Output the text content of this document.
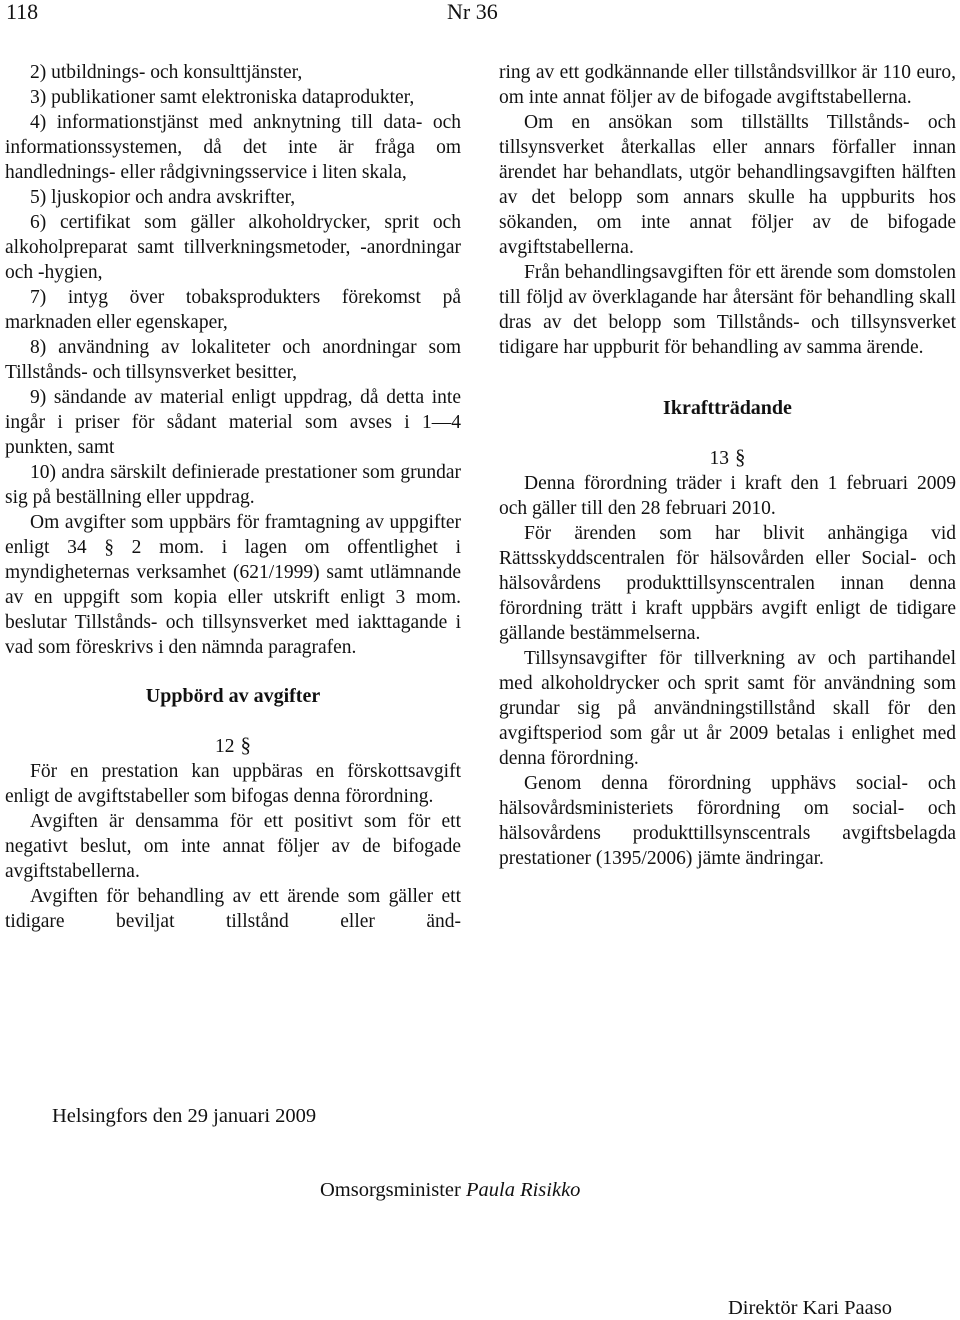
118	Nr 36

2) utbildnings- och konsulttjänster,

3) publikationer samt elektroniska dataprodukter,

4) informationstjänst med anknytning till data- och informationssystemen, då det inte är fråga om handlednings- eller rådgivningsservice i liten skala,

5) ljuskopior och andra avskrifter,

6) certifikat som gäller alkoholdrycker, sprit och alkoholpreparat samt tillverkningsmetoder, -anordningar och -hygien,

7) intyg över tobaksprodukters förekomst på marknaden eller egenskaper,

8) användning av lokaliteter och anordningar som Tillstånds- och tillsynsverket besitter,

9) sändande av material enligt uppdrag, då detta inte ingår i priser för sådant material som avses i 1—4 punkten, samt

10) andra särskilt definierade prestationer som grundar sig på beställning eller uppdrag.

Om avgifter som uppbärs för framtagning av uppgifter enligt 34 § 2 mom. i lagen om offentlighet i myndigheternas verksamhet (621/1999) samt utlämnande av en uppgift som kopia eller utskrift enligt 3 mom. beslutar Tillstånds- och tillsynsverket med iakttagande i vad som föreskrivs i den nämnda paragrafen.

Uppbörd av avgifter

12 §

För en prestation kan uppbäras en förskottsavgift enligt de avgiftstabeller som bifogas denna förordning.

Avgiften är densamma för ett positivt som för ett negativt beslut, om inte annat följer av de bifogade avgiftstabellerna.

Avgiften för behandling av ett ärende som gäller ett tidigare beviljat tillstånd eller änd-

ring av ett godkännande eller tillståndsvillkor är 110 euro, om inte annat följer av de bifogade avgiftstabellerna.

Om en ansökan som tillställts Tillstånds- och tillsynsverket återkallas eller annars förfaller innan ärendet har behandlats, utgör behandlingsavgiften hälften av det belopp som annars skulle ha uppburits hos sökanden, om inte annat följer av de bifogade avgiftstabellerna.

Från behandlingsavgiften för ett ärende som domstolen till följd av överklagande har återsänt för behandling skall dras av det belopp som Tillstånds- och tillsynsverket tidigare har uppburit för behandling av samma ärende.

Ikraftträdande

13 §

Denna förordning träder i kraft den 1 februari 2009 och gäller till den 28 februari 2010.

För ärenden som har blivit anhängiga vid Rättsskyddscentralen för hälsovården eller Social- och hälsovårdens produkttillsynscentralen innan denna förordning trätt i kraft uppbärs avgift enligt de tidigare gällande bestämmelserna.

Tillsynsavgifter för tillverkning av och partihandel med alkoholdrycker och sprit samt för användning som grundar sig på användningstillstånd skall för den avgiftsperiod som går ut år 2009 betalas i enlighet med denna förordning.

Genom denna förordning upphävs social- och hälsovårdsministeriets förordning om social- och hälsovårdens produkttillsynscentrals avgiftsbelagda prestationer (1395/2006) jämte ändringar.

Helsingfors den 29 januari 2009
Omsorgsminister Paula Risikko
Direktör Kari Paaso
